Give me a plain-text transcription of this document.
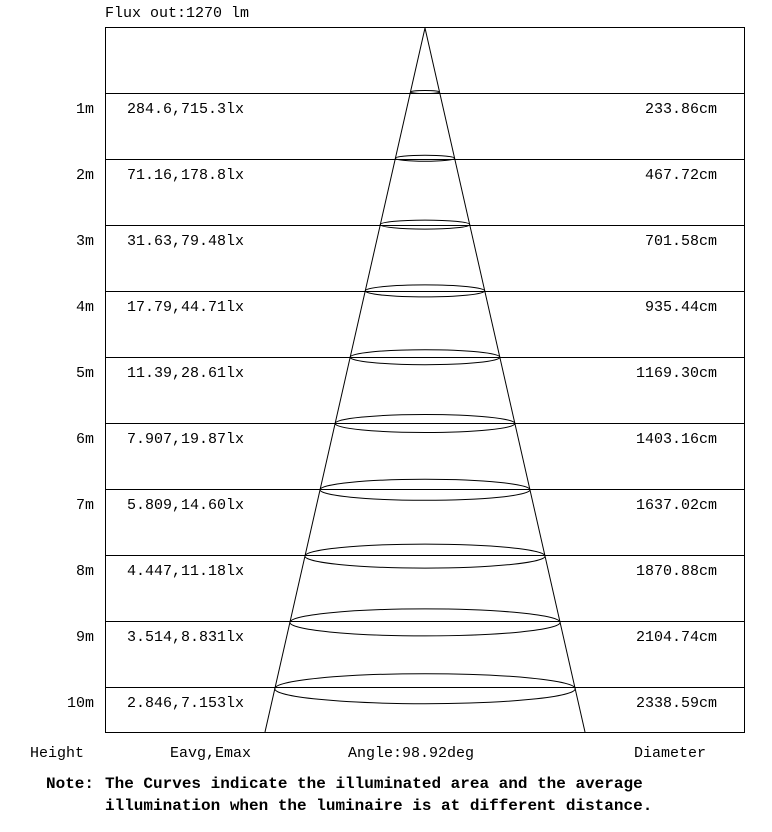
Flux out:1270 lm
1m 284.6,715.3lx	233.86cm
2m 71.16,178.8lx	467.72cm
3m 31.63,79.48lx	701.58cm
4m 17.79,44.71lx	935.44cm
5m 11.39,28.61lx	1169.30cm
6m 7.907,19.87lx	1403.16cm
7m 5.809,14.60lx	1637.02cm
8m 4.447,11.18lx	1870.88cm
9m 3.514,8.831lx	2104.74cm
10m 2.846,7.153lx	2338.59cm
Height	Eavg,Emax	Angle:98.92deg	Diameter
Note: The Curves indicate the illuminated area and the average
illumination when the luminaire is at different distance.
